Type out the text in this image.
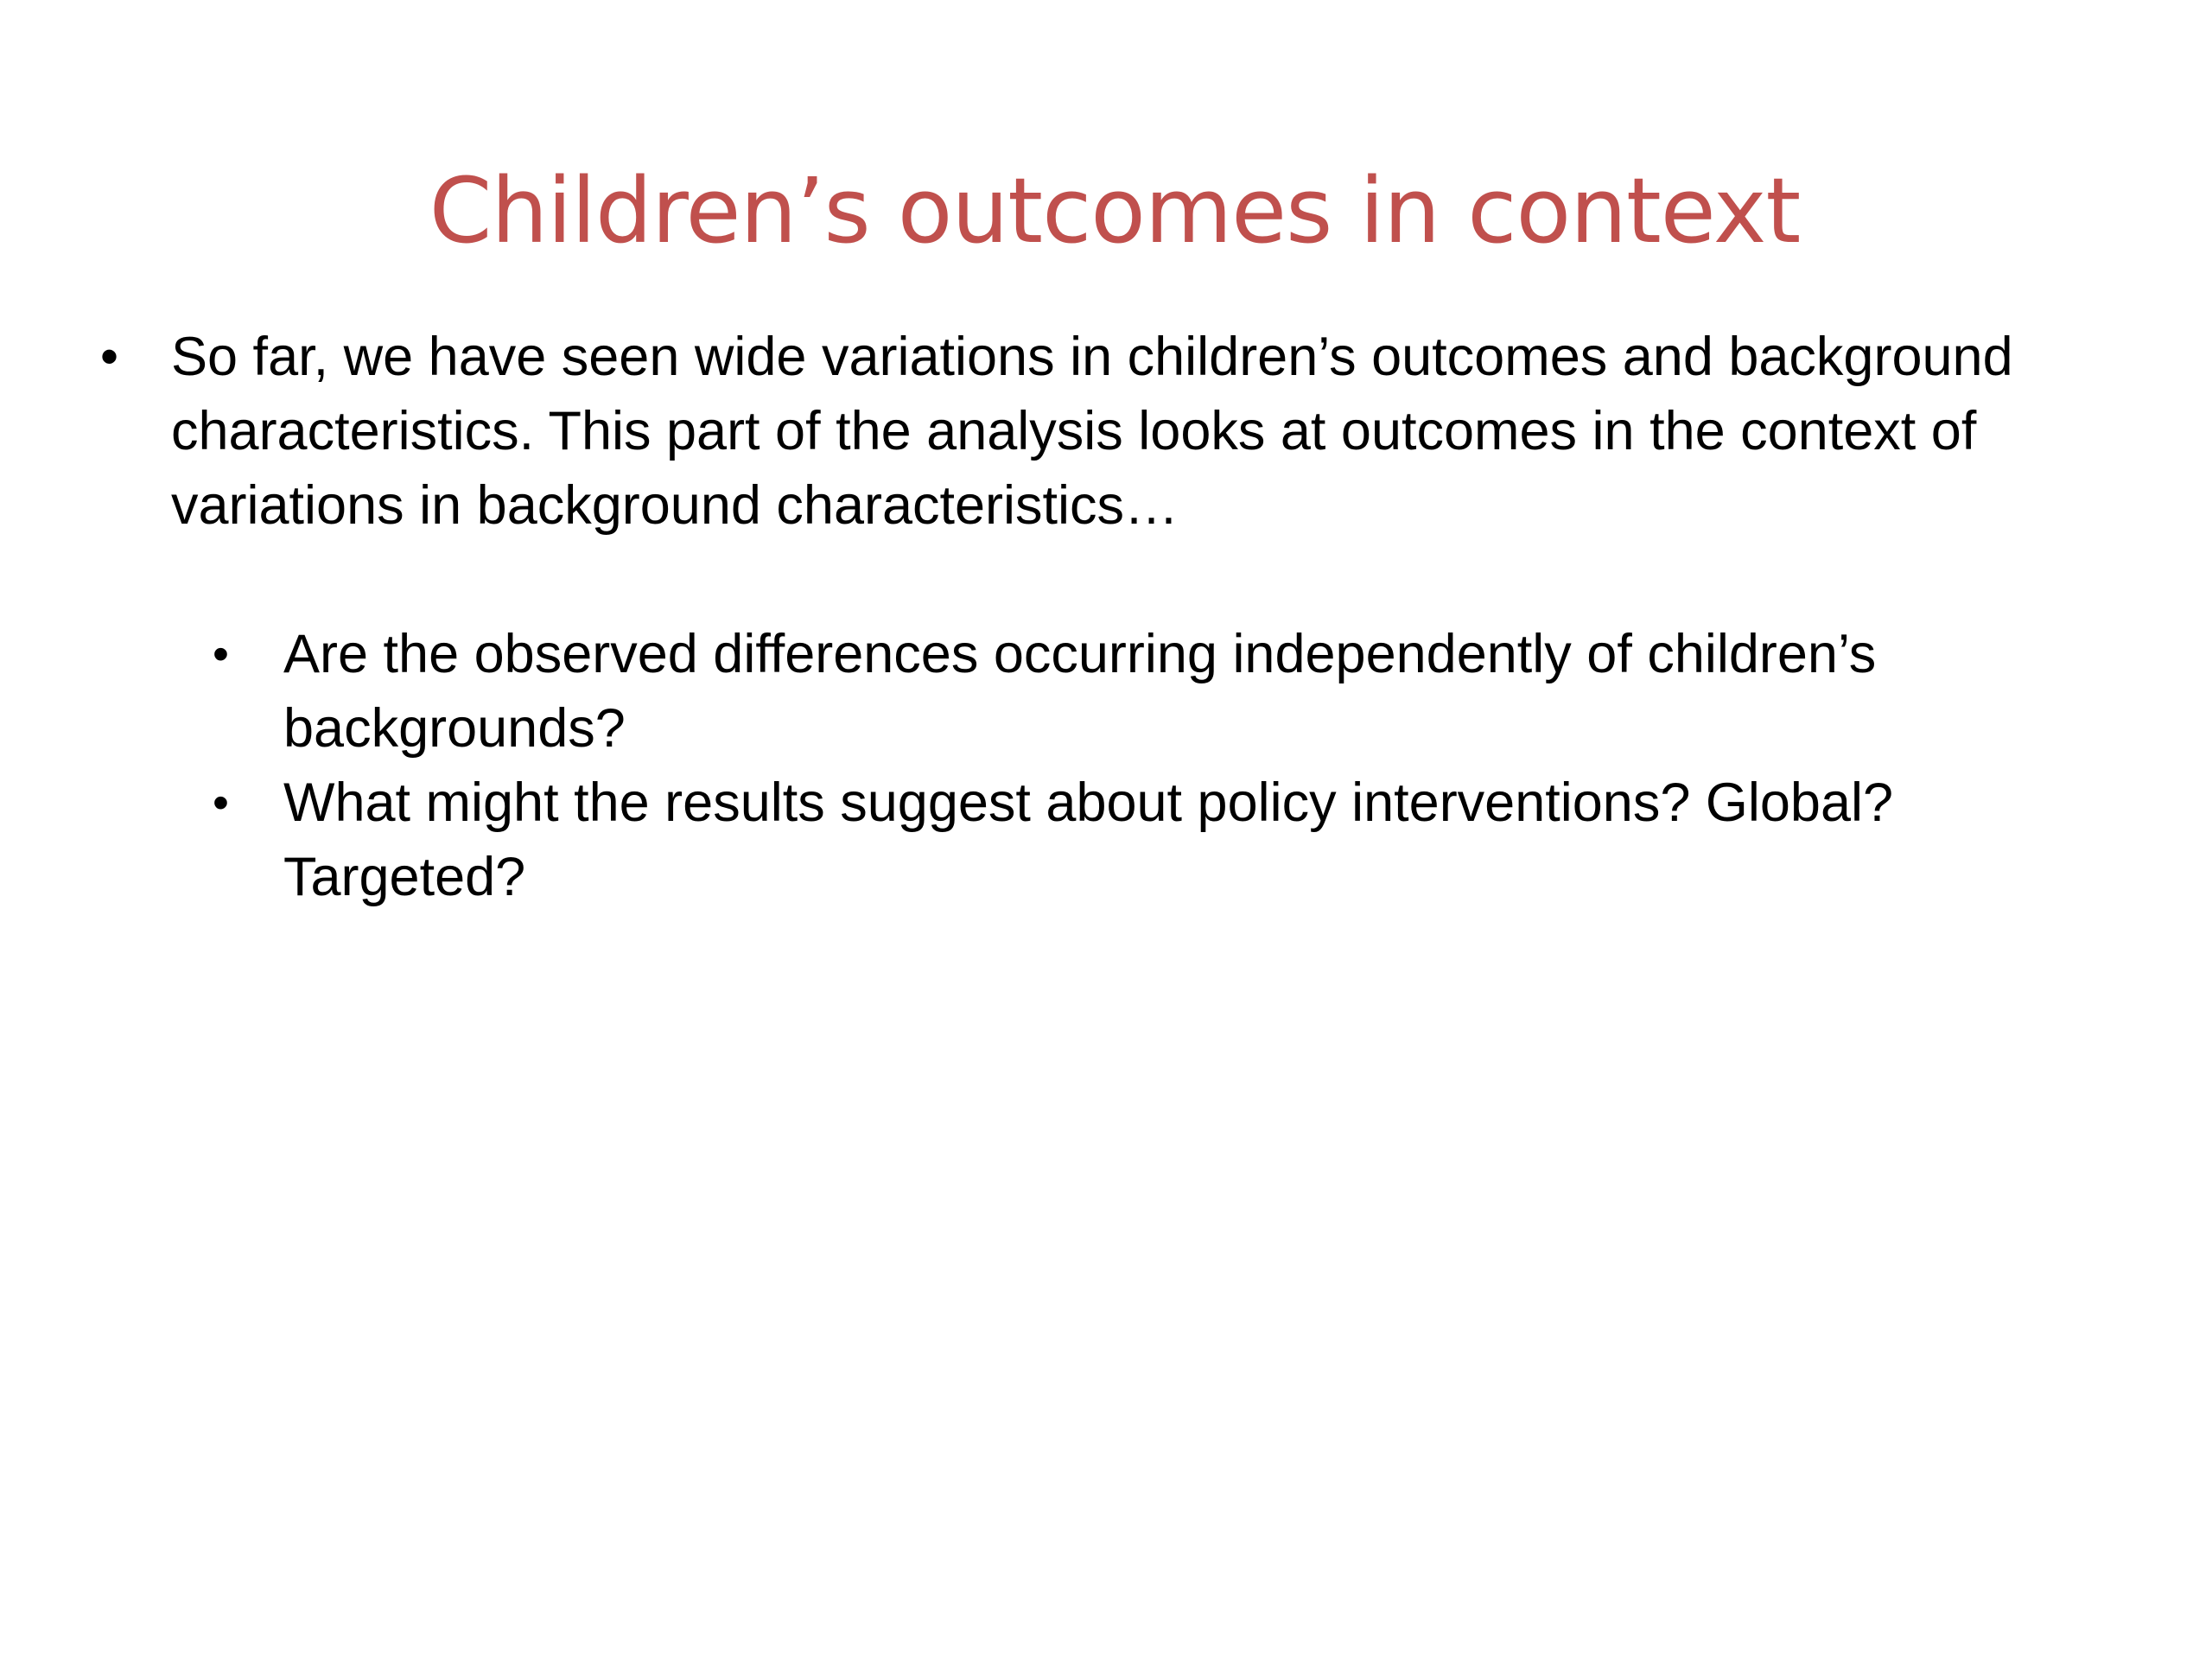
Children’s outcomes in context

• So far, we have seen wide variations in children’s outcomes and background characteristics. This part of the analysis looks at outcomes in the context of variations in background characteristics…

• Are the observed differences occurring independently of children’s backgrounds?

• What might the results suggest about policy interventions? Global? Targeted?
